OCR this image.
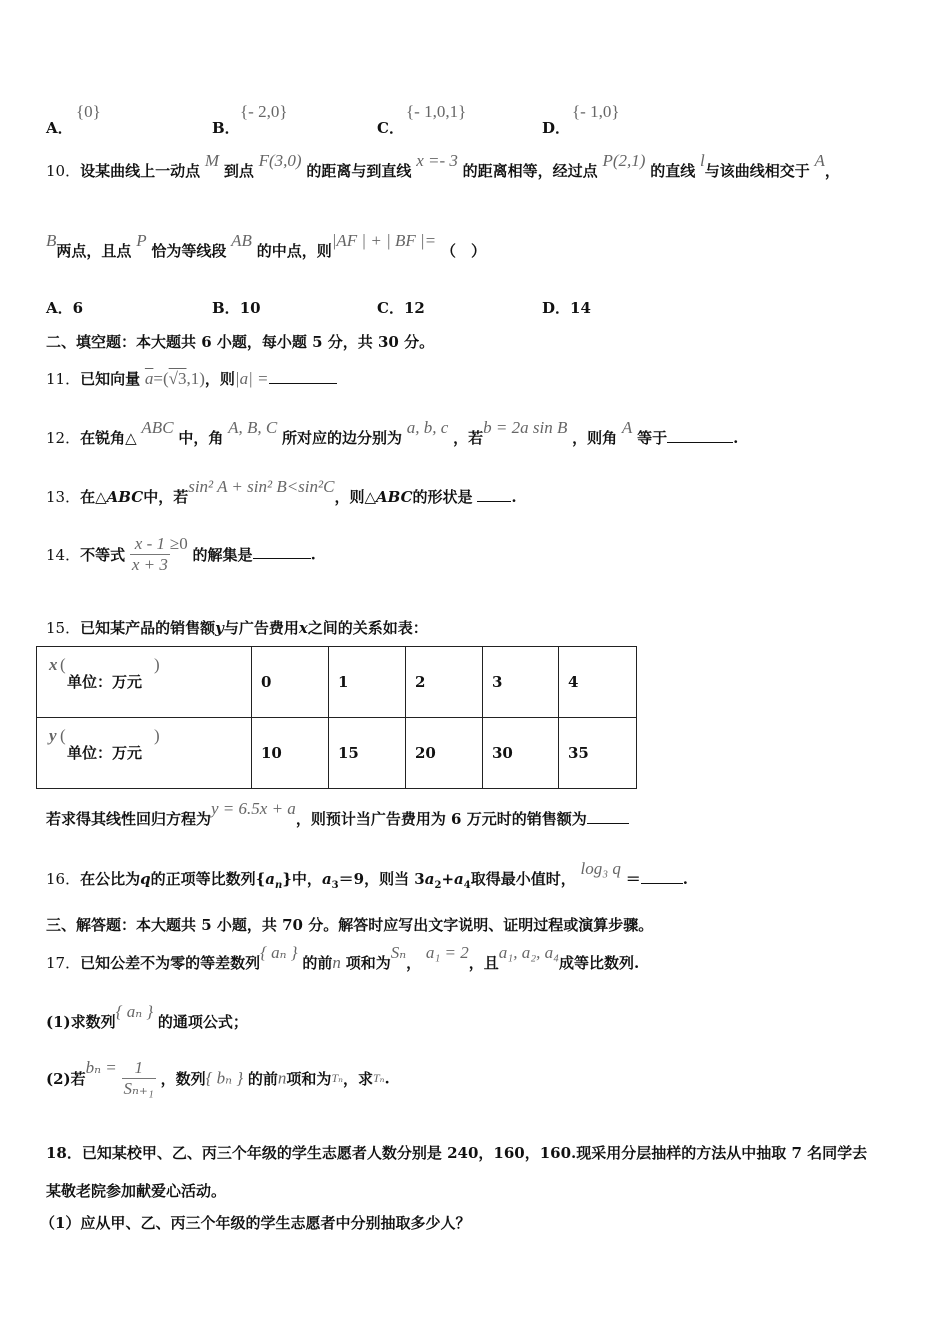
A．
{0}
B．
{- 2,0}
C．
{- 1,0,1}
D．
{- 1,0}
10．设某曲线上一动点 M 到点 F(3,0) 的距离与到直线 x =- 3 的距离相等，经过点 P(2,1) 的直线 l与该曲线相交于 A，
B两点，且点 P 恰为等线段 AB 的中点，则|AF | + | BF |= （　）
A．6	B．10	C．12	D．14
二、填空题：本大题共 6 小题，每小题 5 分，共 30 分。
11．已知向量 $\overline{a}=(√3,1)$，则|a| =
12．在锐角△ ABC 中，角 A, B, C 所对应的边分别为 a, b, c ，若b = 2a sin B ，则角 A 等于	.
13．在△ABC中，若sin² A + sin² B<sin²C，则△ABC的形状是	.
14．不等式 $\frac{x - 1}{x + 3} \ge 0$ 的解集是	.
15．已知某产品的销售额y与广告费用x之间的关系如表：
x (
单位：万元
)	0	1	2	3	4

y (
单位：万元
)	10	15	20	30	35
若求得其线性回归方程为y = 6.5x + a，则预计当广告费用为 6 万元时的销售额为
16．在公比为q的正项等比数列$\{a_n\}$中，$a_3=9$，则当 $3a_2+a_4$取得最小值时， log₃ q ＝	.
三、解答题：本大题共 5 小题，共 70 分。解答时应写出文字说明、证明过程或演算步骤。
17．已知公差不为零的等差数列{ aₙ } 的前n 项和为Sₙ， a₁ = 2，且a₁, a₂, a₄成等比数列.
(1)求数列{ aₙ } 的通项公式；
(2)若$b_n = \frac{1}{\text{Sₙ₊₁}}$ ，数列{ bₙ } 的前n项和为Tₙ，求Tₙ.
18．已知某校甲、乙、丙三个年级的学生志愿者人数分别是 240，160，160.现采用分层抽样的方法从中抽取 7 名同学去
某敬老院参加献爱心活动。
（1）应从甲、乙、丙三个年级的学生志愿者中分别抽取多少人？
